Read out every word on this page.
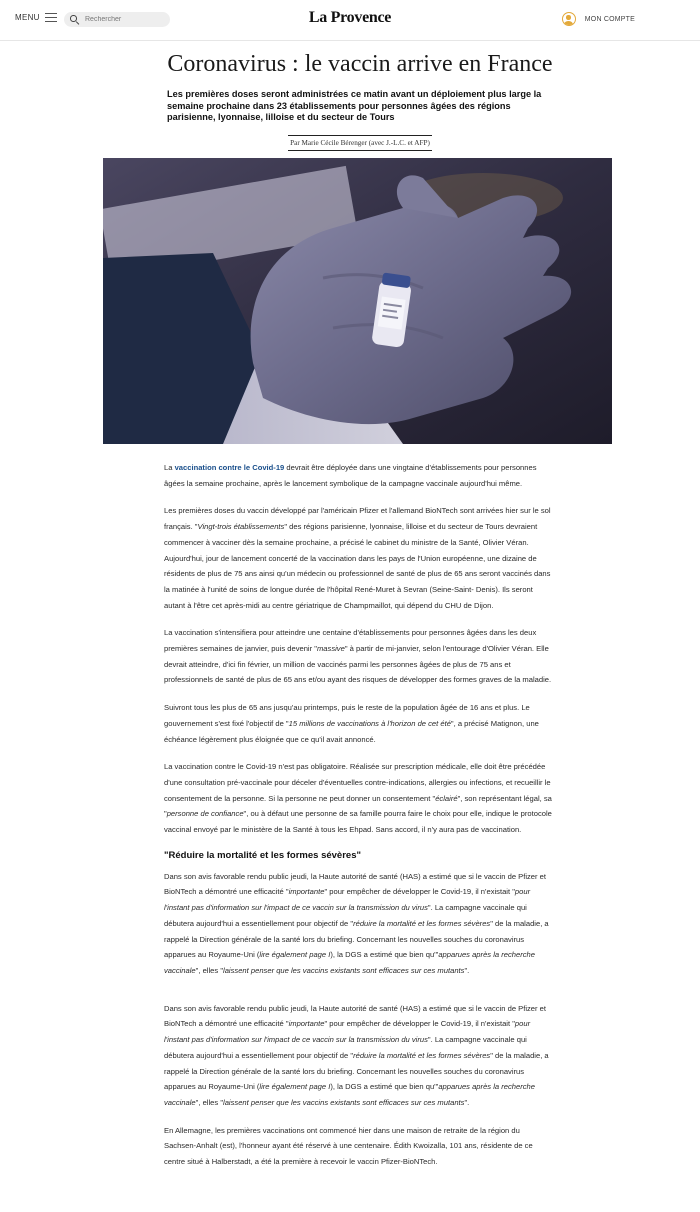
MENU
Rechercher	La Provence	MON COMPTE
Coronavirus : le vaccin arrive en France
Les premières doses seront administrées ce matin avant un déploiement plus large la semaine prochaine dans 23 établissements pour personnes âgées des régions parisienne, lyonnaise, lilloise et du secteur de Tours
Par Marie Cécile Bérenger (avec J.-L.C. et AFP)

La vaccination contre le Covid-19 devrait être déployée dans une vingtaine d'établissements pour personnes âgées la semaine prochaine, après le lancement symbolique de la campagne vaccinale aujourd'hui même.

Les premières doses du vaccin développé par l'américain Pfizer et l'allemand BioNTech sont arrivées hier sur le sol français. "Vingt-trois établissements" des régions parisienne, lyonnaise, lilloise et du secteur de Tours devraient commencer à vacciner dès la semaine prochaine, a précisé le cabinet du ministre de la Santé, Olivier Véran. Aujourd'hui, jour de lancement concerté de la vaccination dans les pays de l'Union européenne, une dizaine de résidents de plus de 75 ans ainsi qu'un médecin ou professionnel de santé de plus de 65 ans seront vaccinés dans la matinée à l'unité de soins de longue durée de l'hôpital René-Muret à Sevran (Seine-Saint- Denis). Ils seront autant à l'être cet après-midi au centre gériatrique de Champmaillot, qui dépend du CHU de Dijon.

La vaccination s'intensifiera pour atteindre une centaine d'établissements pour personnes âgées dans les deux premières semaines de janvier, puis devenir "massive" à partir de mi-janvier, selon l'entourage d'Olivier Véran. Elle devrait atteindre, d'ici fin février, un million de vaccinés parmi les personnes âgées de plus de 75 ans et professionnels de santé de plus de 65 ans et/ou ayant des risques de développer des formes graves de la maladie.

Suivront tous les plus de 65 ans jusqu'au printemps, puis le reste de la population âgée de 16 ans et plus. Le gouvernement s'est fixé l'objectif de "15 millions de vaccinations à l'horizon de cet été", a précisé Matignon, une échéance légèrement plus éloignée que ce qu'il avait annoncé.

La vaccination contre le Covid-19 n'est pas obligatoire. Réalisée sur prescription médicale, elle doit être précédée d'une consultation pré-vaccinale pour déceler d'éventuelles contre-indications, allergies ou infections, et recueillir le consentement de la personne. Si la personne ne peut donner un consentement "éclairé", son représentant légal, sa "personne de confiance", ou à défaut une personne de sa famille pourra faire le choix pour elle, indique le protocole vaccinal envoyé par le ministère de la Santé à tous les Ehpad. Sans accord, il n'y aura pas de vaccination.

"Réduire la mortalité et les formes sévères"

Dans son avis favorable rendu public jeudi, la Haute autorité de santé (HAS) a estimé que si le vaccin de Pfizer et BioNTech a démontré une efficacité "importante" pour empêcher de développer le Covid-19, il n'existait "pour l'instant pas d'information sur l'impact de ce vaccin sur la transmission du virus". La campagne vaccinale qui débutera aujourd'hui a essentiellement pour objectif de "réduire la mortalité et les formes sévères" de la maladie, a rappelé la Direction générale de la santé lors du briefing. Concernant les nouvelles souches du coronavirus apparues au Royaume-Uni (lire également page I), la DGS a estimé que bien qu'"apparues après la recherche vaccinale", elles "laissent penser que les vaccins existants sont efficaces sur ces mutants".

Dans son avis favorable rendu public jeudi, la Haute autorité de santé (HAS) a estimé que si le vaccin de Pfizer et BioNTech a démontré une efficacité "importante" pour empêcher de développer le Covid-19, il n'existait "pour l'instant pas d'information sur l'impact de ce vaccin sur la transmission du virus". La campagne vaccinale qui débutera aujourd'hui a essentiellement pour objectif de "réduire la mortalité et les formes sévères" de la maladie, a rappelé la Direction générale de la santé lors du briefing. Concernant les nouvelles souches du coronavirus apparues au Royaume-Uni (lire également page I), la DGS a estimé que bien qu'"apparues après la recherche vaccinale", elles "laissent penser que les vaccins existants sont efficaces sur ces mutants".

En Allemagne, les premières vaccinations ont commencé hier dans une maison de retraite de la région du Sachsen-Anhalt (est), l'honneur ayant été réservé à une centenaire. Édith Kwoizalla, 101 ans, résidente de ce centre situé à Halberstadt, a été la première à recevoir le vaccin Pfizer-BioNTech.
